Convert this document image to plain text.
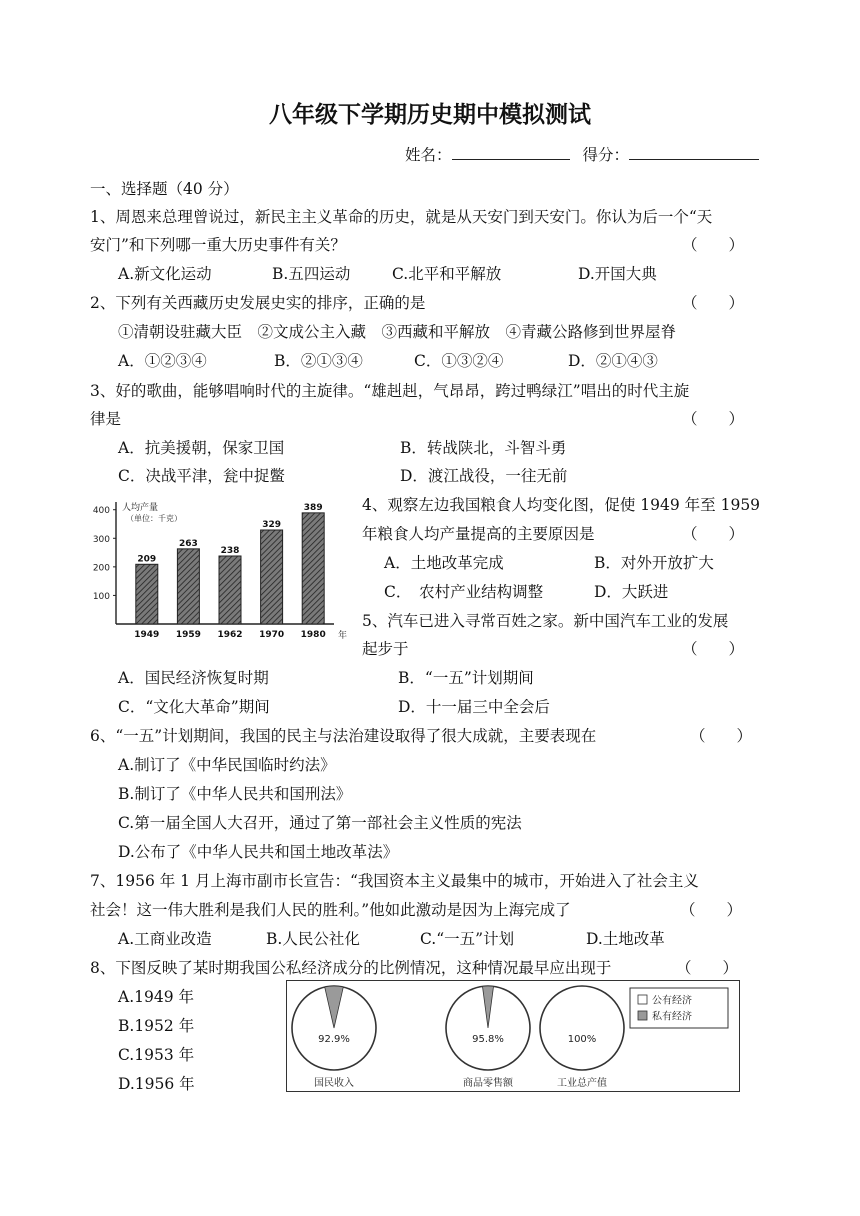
八年级下学期历史期中模拟测试
姓名：	得分：
一、选择题（40 分）
1、周恩来总理曾说过，新民主主义革命的历史，就是从天安门到天安门。你认为后一个“天
安门”和下列哪一重大历史事件有关？	（　　）
A.新文化运动	B.五四运动	C.北平和平解放	D.开国大典
2、下列有关西藏历史发展史实的排序，正确的是	（　　）
①清朝设驻藏大臣　②文成公主入藏　③西藏和平解放　④青藏公路修到世界屋脊
A．①②③④	B．②①③④	C．①③②④	D．②①④③
3、好的歌曲，能够唱响时代的主旋律。“雄赳赳，气昂昂，跨过鸭绿江”唱出的时代主旋
律是	（　　）
A．抗美援朝，保家卫国	B．转战陕北，斗智斗勇
C．决战平津，瓮中捉鳖	D．渡江战役，一往无前
100
200
300
400 人均产量
（单位：千克）
年
209
1949
263
1959
238
1962
329
1970
389
1980
4、观察左边我国粮食人均变化图，促使 1949 年至 1959
年粮食人均产量提高的主要原因是	（　　）
A．土地改革完成	B．对外开放扩大
C．　农村产业结构调整	D．大跃进
5、汽车已进入寻常百姓之家。新中国汽车工业的发展
起步于	（　　）
A．国民经济恢复时期	B．“一五”计划期间
C．“文化大革命”期间	D．十一届三中全会后
6、“一五”计划期间，我国的民主与法治建设取得了很大成就，主要表现在	（　　）
A.制订了《中华民国临时约法》
B.制订了《中华人民共和国刑法》
C.第一届全国人大召开，通过了第一部社会主义性质的宪法
D.公布了《中华人民共和国土地改革法》
7、1956 年 1 月上海市副市长宣告：“我国资本主义最集中的城市，开始进入了社会主义
社会！这一伟大胜利是我们人民的胜利。”他如此激动是因为上海完成了	（　　）
A.工商业改造	B.人民公社化	C.“一五”计划	D.土地改革
8、下图反映了某时期我国公私经济成分的比例情况，这种情况最早应出现于	（　　）
A.1949 年
B.1952 年
C.1953 年
D.1956 年
92.9%
国民收入
95.8%
商品零售额
100%
工业总产值
公有经济
私有经济
